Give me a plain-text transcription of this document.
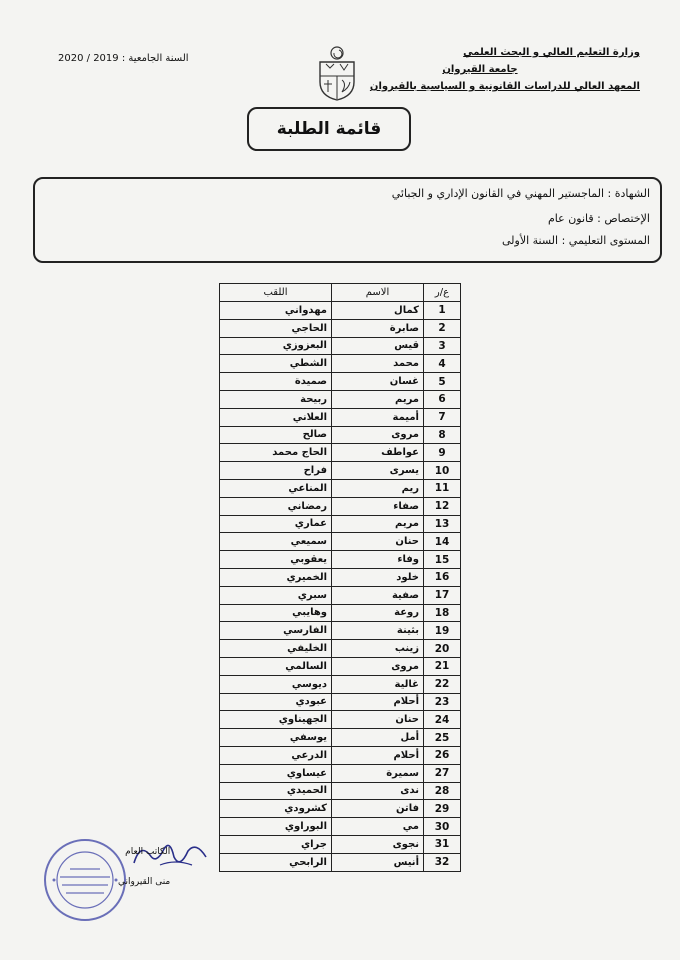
السنة الجامعية : 2019 / 2020
وزارة التعليم العالي و البحث العلمي
جامعة القيروان
المعهد العالي للدراسات القانونية و السياسية بالقيروان
قائمة الطلبة
الشهادة : الماجستير المهني في القانون الإداري و الجبائي
الإختصاص : قانون عام
المستوى التعليمي : السنة الأولى
ع/ر	الاسم	اللقب
1	كمال	مهدواني
2	صابرة	الحاجي
3	قيس	البعزوزي
4	محمد	الشطي
5	غسان	صميدة
6	مريم	ربيحة
7	أميمة	العلاني
8	مروى	صالح
9	عواطف	الحاج محمد
10	يسرى	فراح
11	ريم	المناعي
12	صفاء	رمضاني
13	مريم	عماري
14	حنان	سميعي
15	وفاء	يعقوبي
16	خلود	الخميري
17	صفية	سبري
18	روعة	وهايبي
19	بثينة	الفارسي
20	زينب	الخليفي
21	مروى	السالمي
22	غالية	ديوسي
23	أحلام	عبودي
24	حنان	الجهيناوي
25	أمل	يوسفي
26	أحلام	الدرعي
27	سميرة	عيساوي
28	ندى	الحميدي
29	فاتن	كشرودي
30	مي	البوراوي
31	نجوى	جراي
32	أنيس	الرابحي
الكاتب العام
منى القيرواني
